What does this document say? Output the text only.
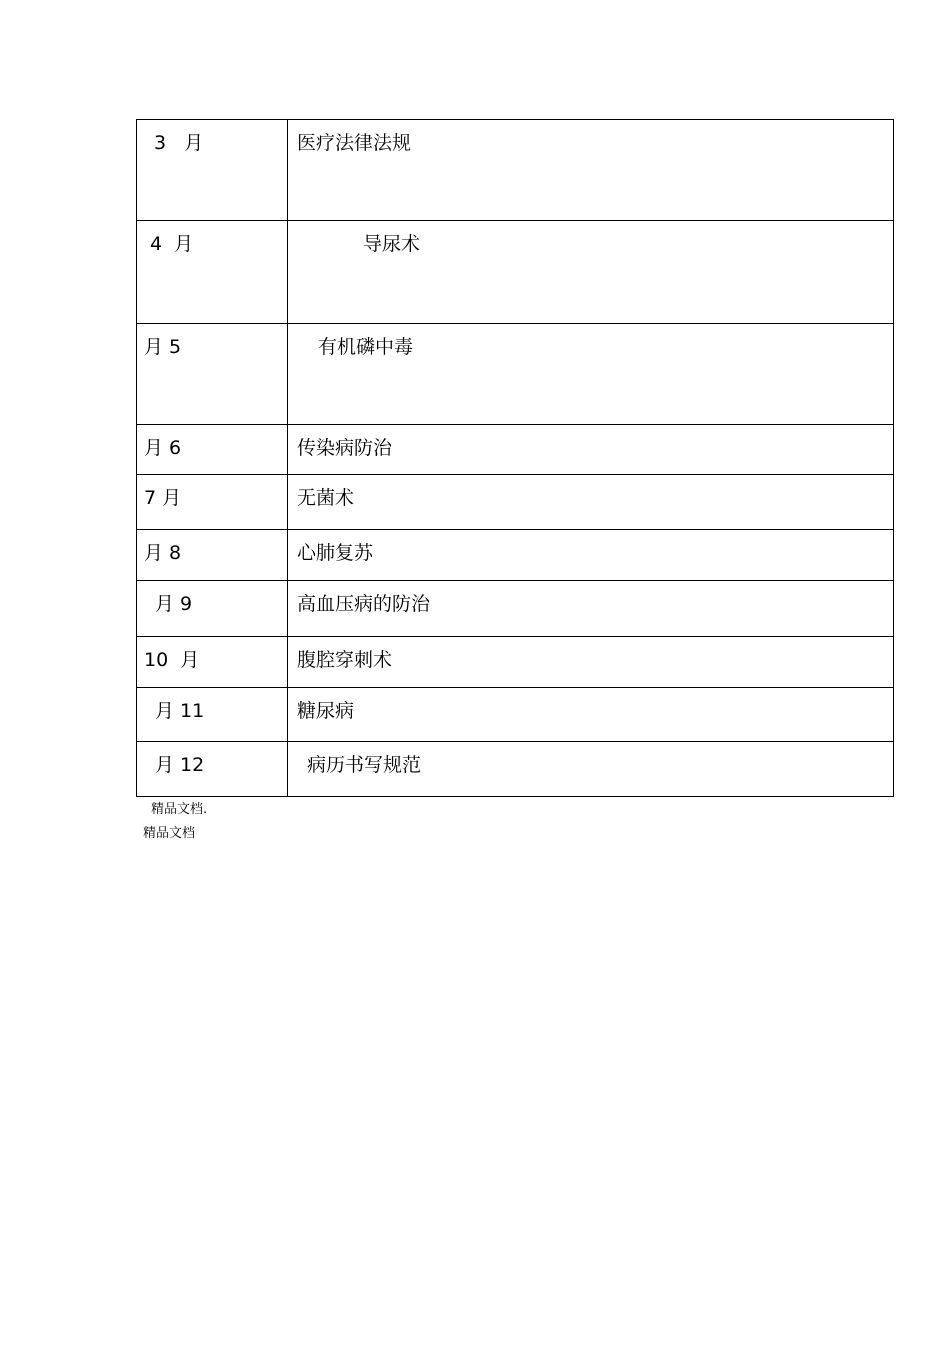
3   月	医疗法律法规

4  月	导尿术

月 5	有机磷中毒

月 6	传染病防治

7 月	无菌术

月 8	心肺复苏

月 9	高血压病的防治

10  月	腹腔穿刺术

月 11	糖尿病

月 12	病历书写规范
精品文档.
精品文档
